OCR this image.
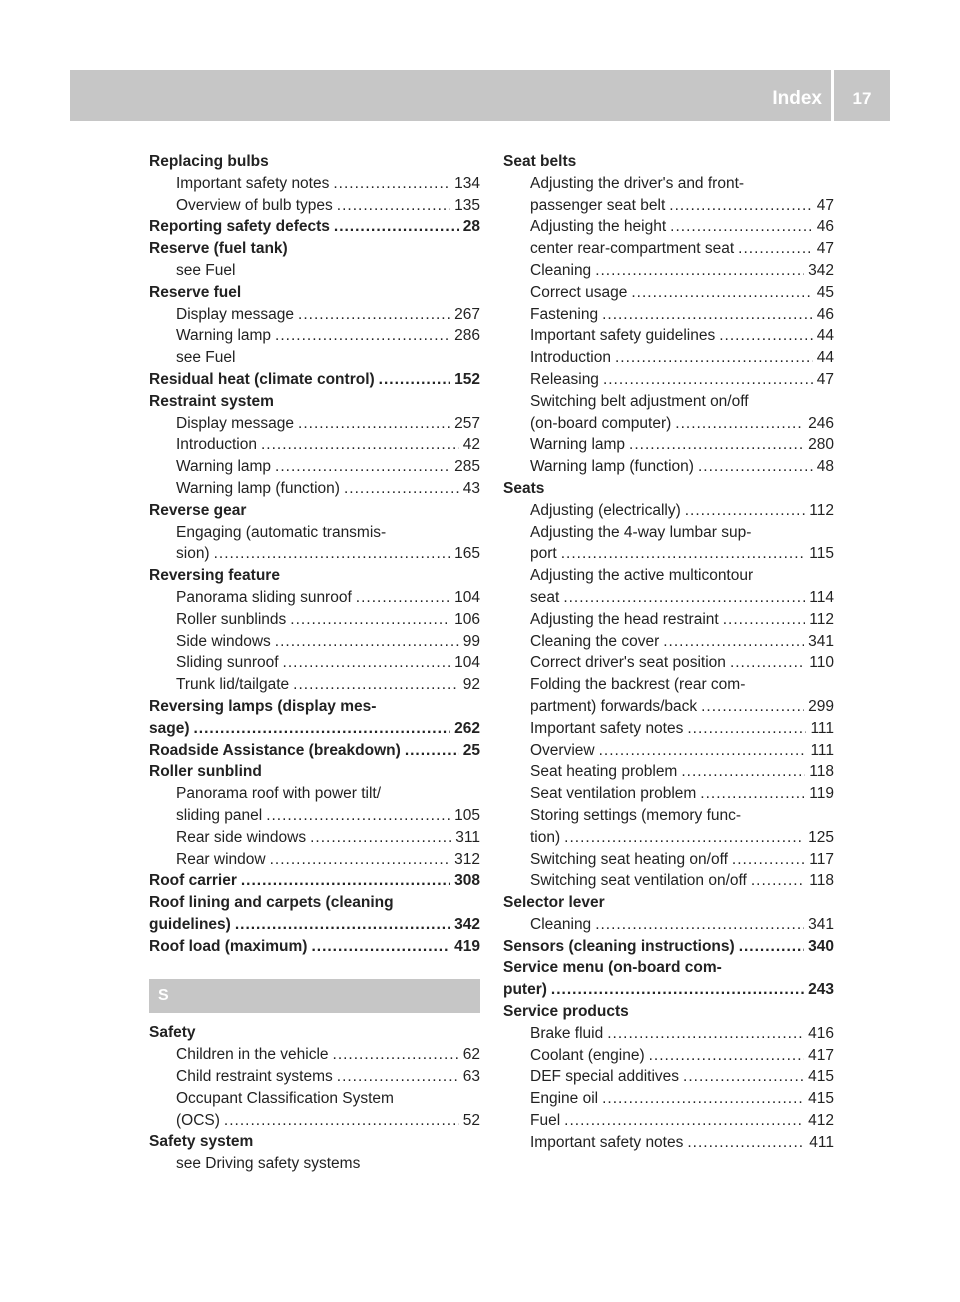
Index	17
Replacing bulbs
Important safety notes .....	134
Overview of bulb types .....	135
Reporting safety defects .....	28
Reserve (fuel tank)
see Fuel
Reserve fuel
Display message .....	267
Warning lamp .....	286
see Fuel
Residual heat (climate control) .....	152
Restraint system
Display message .....	257
Introduction .....	42
Warning lamp .....	285
Warning lamp (function) .....	43
Reverse gear
Engaging (automatic transmis-
sion) .....	165
Reversing feature
Panorama sliding sunroof .....	104
Roller sunblinds .....	106
Side windows .....	99
Sliding sunroof .....	104
Trunk lid/tailgate .....	92
Reversing lamps (display mes-
sage) .....	262
Roadside Assistance (breakdown) .....	25
Roller sunblind
Panorama roof with power tilt/
sliding panel .....	105
Rear side windows .....	311
Rear window .....	312
Roof carrier .....	308
Roof lining and carpets (cleaning
guidelines) .....	342
Roof load (maximum) .....	419
S
Safety
Children in the vehicle .....	62
Child restraint systems .....	63
Occupant Classification System
(OCS) .....	52
Safety system
see Driving safety systems
Seat belts
Adjusting the driver's and front-
passenger seat belt .....	47
Adjusting the height .....	46
center rear-compartment seat .....	47
Cleaning .....	342
Correct usage .....	45
Fastening .....	46
Important safety guidelines .....	44
Introduction .....	44
Releasing .....	47
Switching belt adjustment on/off
(on-board computer) .....	246
Warning lamp .....	280
Warning lamp (function) .....	48
Seats
Adjusting (electrically) .....	112
Adjusting the 4-way lumbar sup-
port .....	115
Adjusting the active multicontour
seat .....	114
Adjusting the head restraint .....	112
Cleaning the cover .....	341
Correct driver's seat position .....	110
Folding the backrest (rear com-
partment) forwards/back .....	299
Important safety notes .....	111
Overview .....	111
Seat heating problem .....	118
Seat ventilation problem .....	119
Storing settings (memory func-
tion) .....	125
Switching seat heating on/off .....	117
Switching seat ventilation on/off .....	118
Selector lever
Cleaning .....	341
Sensors (cleaning instructions) .....	340
Service menu (on-board com-
puter) .....	243
Service products
Brake fluid .....	416
Coolant (engine) .....	417
DEF special additives .....	415
Engine oil .....	415
Fuel .....	412
Important safety notes .....	411
